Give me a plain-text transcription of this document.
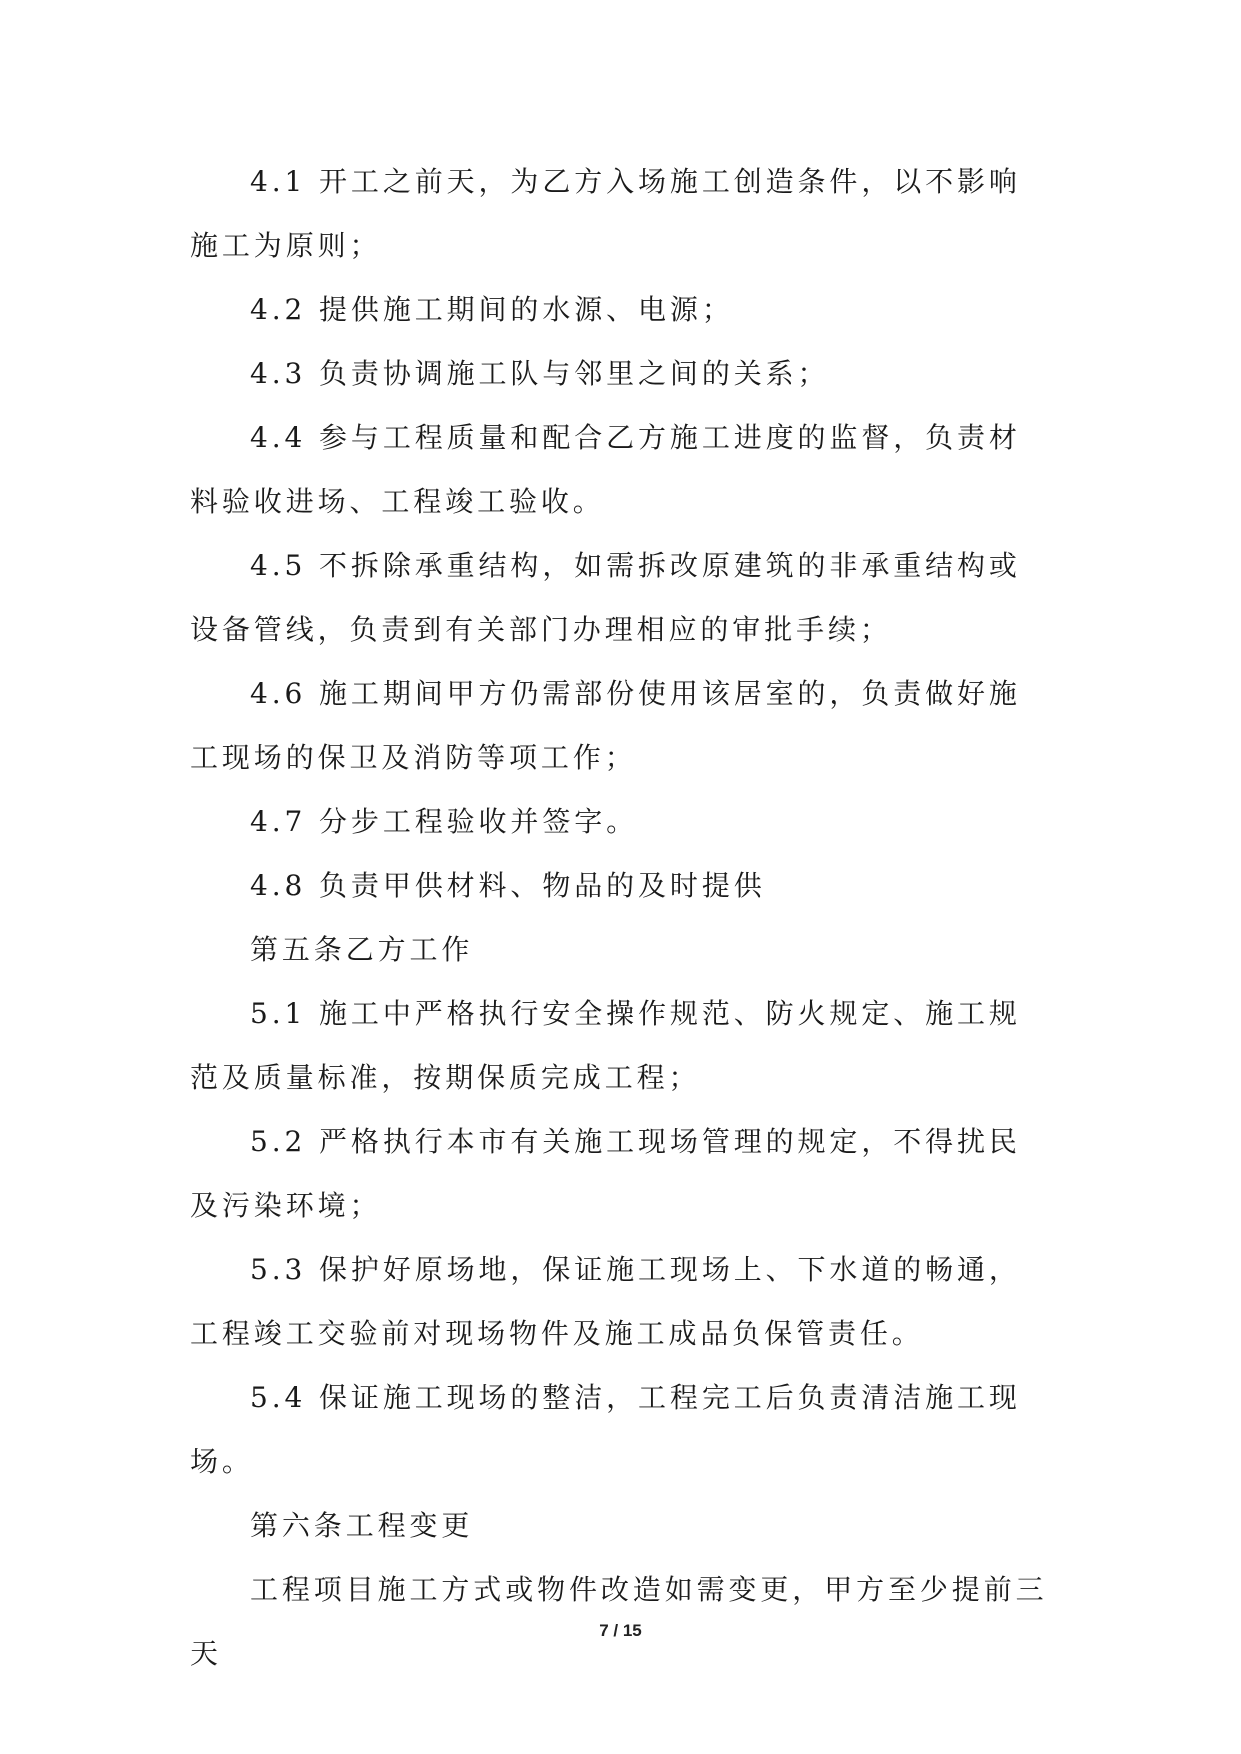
4.1 开工之前天，为乙方入场施工创造条件，以不影响施工为原则；

4.2 提供施工期间的水源、电源；

4.3 负责协调施工队与邻里之间的关系；

4.4 参与工程质量和配合乙方施工进度的监督，负责材料验收进场、工程竣工验收。

4.5 不拆除承重结构，如需拆改原建筑的非承重结构或设备管线，负责到有关部门办理相应的审批手续；

4.6 施工期间甲方仍需部份使用该居室的，负责做好施工现场的保卫及消防等项工作；

4.7 分步工程验收并签字。

4.8 负责甲供材料、物品的及时提供

第五条乙方工作

5.1 施工中严格执行安全操作规范、防火规定、施工规范及质量标准，按期保质完成工程；

5.2 严格执行本市有关施工现场管理的规定，不得扰民及污染环境；

5.3 保护好原场地，保证施工现场上、下水道的畅通，工程竣工交验前对现场物件及施工成品负保管责任。

5.4 保证施工现场的整洁，工程完工后负责清洁施工现场。

第六条工程变更

工程项目施工方式或物件改造如需变更，甲方至少提前三天

7 / 15
